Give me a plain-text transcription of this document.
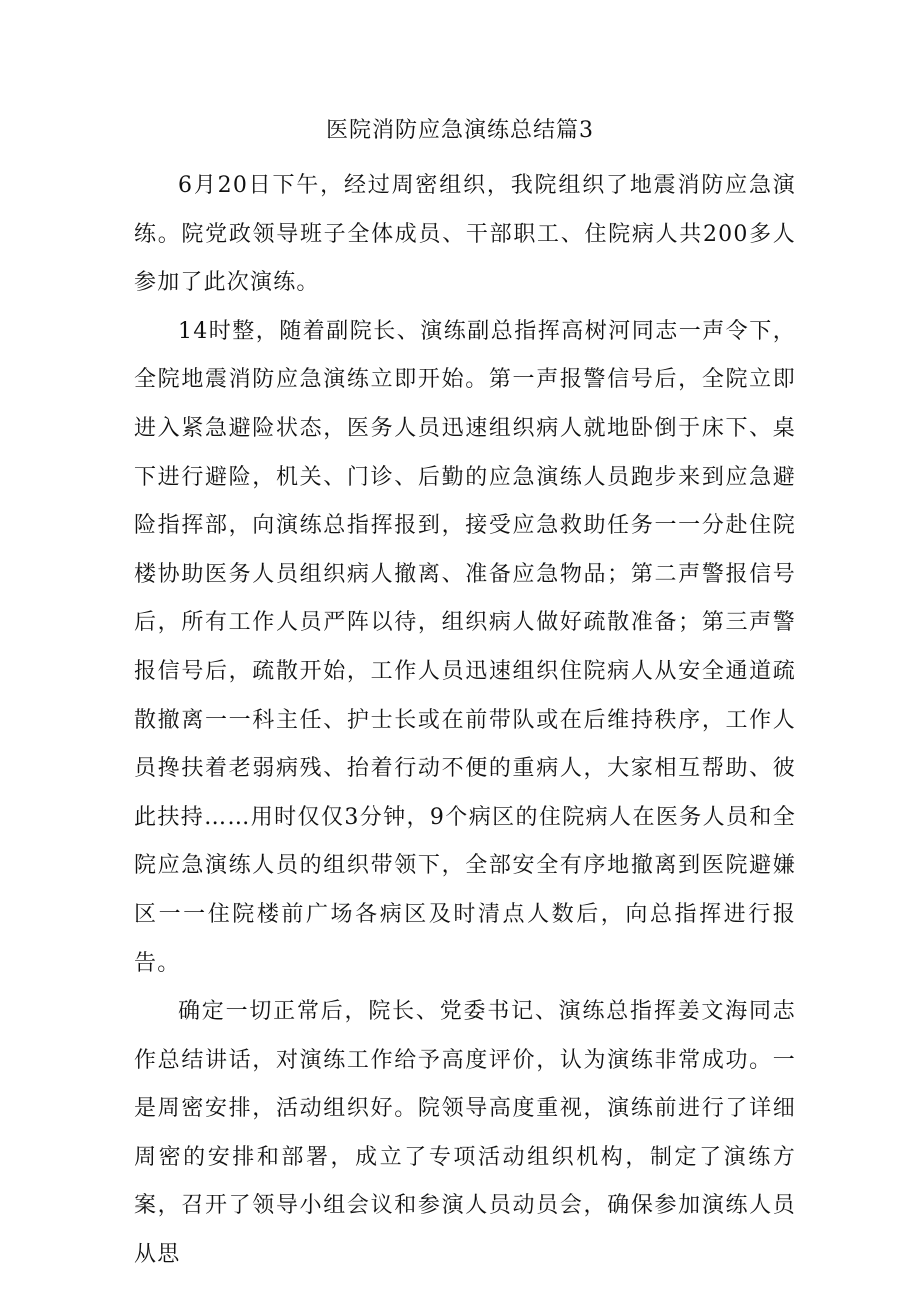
医院消防应急演练总结篇3

6月20日下午，经过周密组织，我院组织了地震消防应急演练。院党政领导班子全体成员、干部职工、住院病人共200多人参加了此次演练。

14时整，随着副院长、演练副总指挥高树河同志一声令下，全院地震消防应急演练立即开始。第一声报警信号后，全院立即进入紧急避险状态，医务人员迅速组织病人就地卧倒于床下、桌下进行避险，机关、门诊、后勤的应急演练人员跑步来到应急避险指挥部，向演练总指挥报到，接受应急救助任务一一分赴住院楼协助医务人员组织病人撤离、准备应急物品；第二声警报信号后，所有工作人员严阵以待，组织病人做好疏散准备；第三声警报信号后，疏散开始，工作人员迅速组织住院病人从安全通道疏散撤离一一科主任、护士长或在前带队或在后维持秩序，工作人员搀扶着老弱病残、抬着行动不便的重病人，大家相互帮助、彼此扶持……用时仅仅3分钟，9个病区的住院病人在医务人员和全院应急演练人员的组织带领下，全部安全有序地撤离到医院避嫌区一一住院楼前广场各病区及时清点人数后，向总指挥进行报告。

确定一切正常后，院长、党委书记、演练总指挥姜文海同志作总结讲话，对演练工作给予高度评价，认为演练非常成功。一是周密安排，活动组织好。院领导高度重视，演练前进行了详细周密的安排和部署，成立了专项活动组织机构，制定了演练方案，召开了领导小组会议和参演人员动员会，确保参加演练人员从思
